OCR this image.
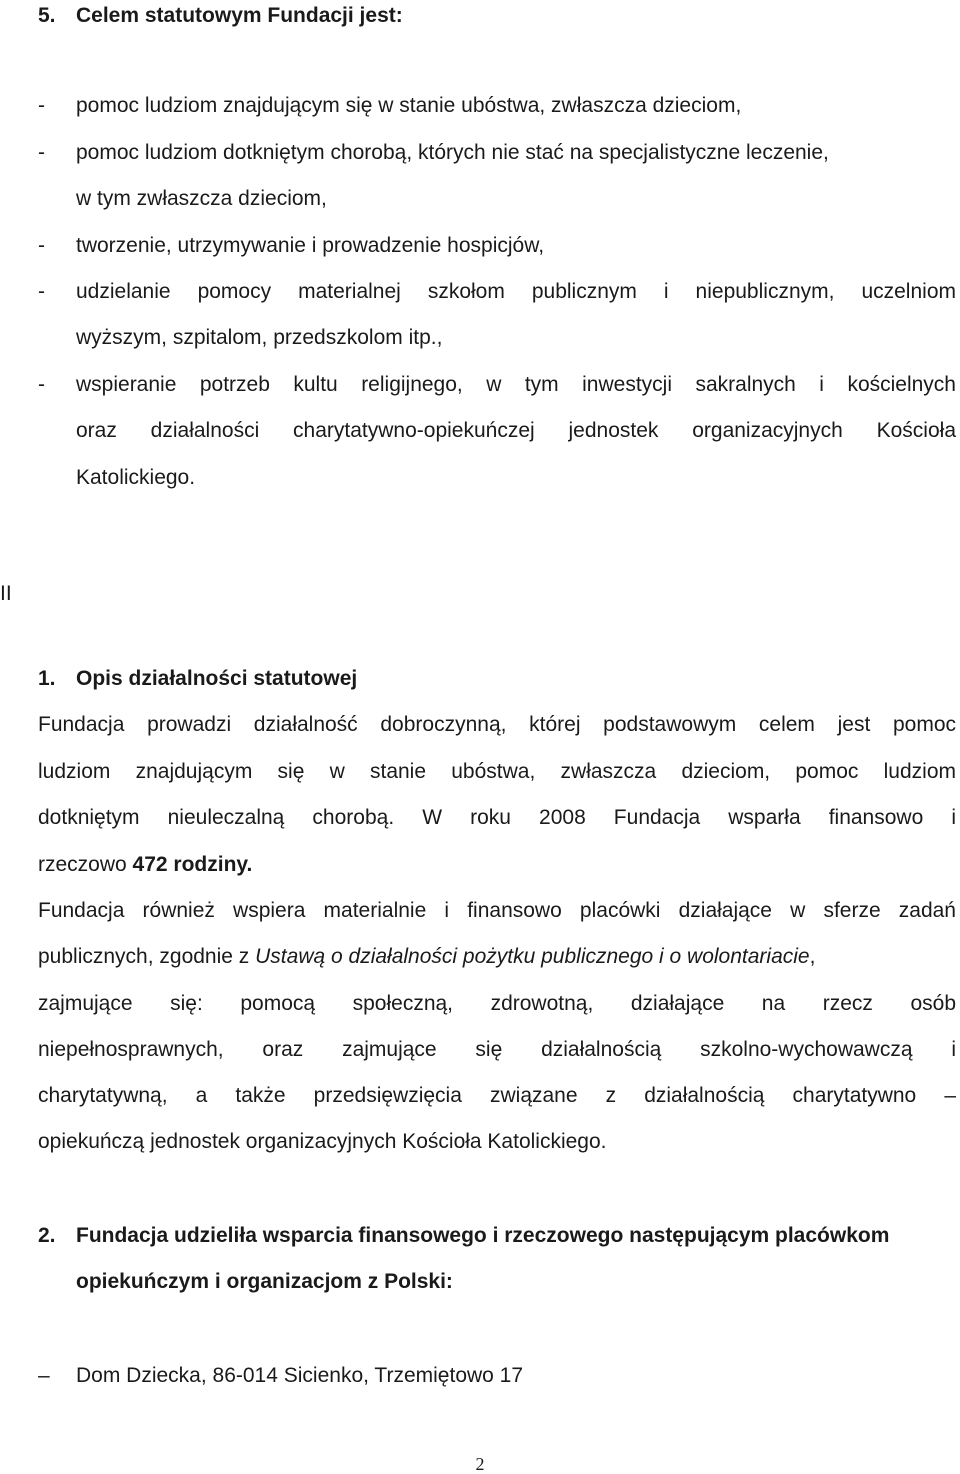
5. Celem statutowym Fundacji jest:
- pomoc ludziom znajdującym się w stanie ubóstwa, zwłaszcza dzieciom,
- pomoc ludziom dotkniętym chorobą, których nie stać na specjalistyczne leczenie,
w tym zwłaszcza dzieciom,
- tworzenie, utrzymywanie i prowadzenie hospicjów,
- udzielanie pomocy materialnej szkołom publicznym i niepublicznym, uczelniom
wyższym, szpitalom, przedszkolom itp.,
- wspieranie potrzeb kultu religijnego, w tym inwestycji sakralnych i kościelnych
oraz działalności charytatywno-opiekuńczej jednostek organizacyjnych Kościoła
Katolickiego.
II
1. Opis działalności statutowej
Fundacja prowadzi działalność dobroczynną, której podstawowym celem jest pomoc
ludziom znajdującym się w stanie ubóstwa, zwłaszcza dzieciom, pomoc ludziom
dotkniętym nieuleczalną chorobą. W roku 2008 Fundacja wsparła finansowo i
rzeczowo 472 rodziny.
Fundacja również wspiera materialnie i finansowo placówki działające w sferze zadań
publicznych, zgodnie z Ustawą o działalności pożytku publicznego i o wolontariacie,
zajmujące się: pomocą społeczną, zdrowotną, działające na rzecz osób
niepełnosprawnych, oraz zajmujące się działalnością szkolno-wychowawczą i
charytatywną, a także przedsięwzięcia związane z działalnością charytatywno –
opiekuńczą jednostek organizacyjnych Kościoła Katolickiego.
2. Fundacja udzieliła wsparcia finansowego i rzeczowego następującym placówkom
opiekuńczym i organizacjom z Polski:
– Dom Dziecka, 86-014 Sicienko, Trzemiętowo 17
2
